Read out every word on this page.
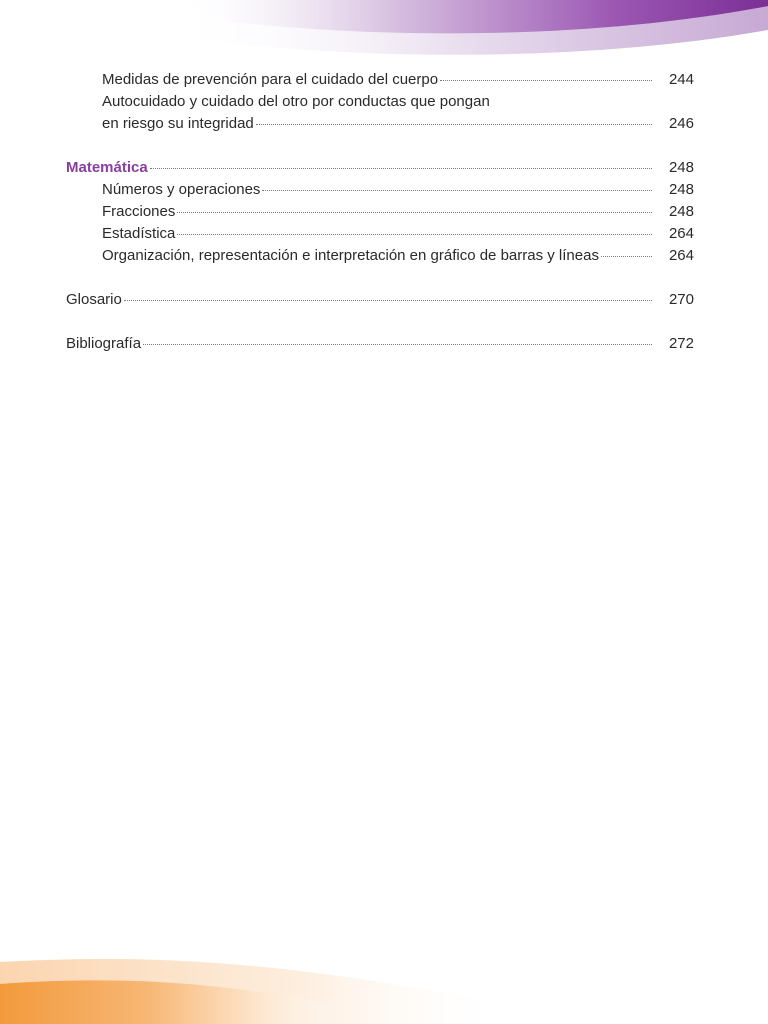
Medidas de prevención para el cuidado del cuerpo	244
Autocuidado y cuidado del otro por conductas que pongan
en riesgo su integridad	246
Matemática	248
Números y operaciones	248
Fracciones	248
Estadística	264
Organización, representación e interpretación en gráfico de barras y líneas	264
Glosario	270
Bibliografía	272
